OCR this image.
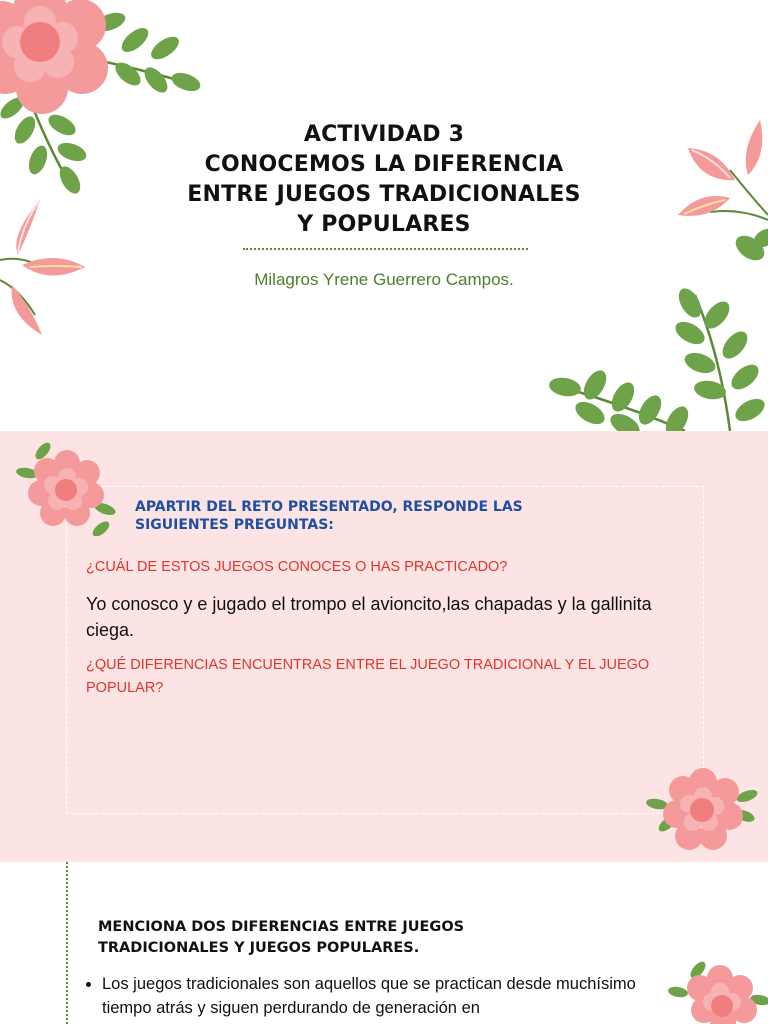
ACTIVIDAD 3
CONOCEMOS LA DIFERENCIA
ENTRE JUEGOS TRADICIONALES
Y POPULARES
Milagros Yrene Guerrero Campos.
APARTIR DEL RETO PRESENTADO, RESPONDE LAS
SIGUIENTES PREGUNTAS:
¿CUÁL DE ESTOS JUEGOS CONOCES O HAS PRACTICADO?
Yo conosco y e jugado el trompo el avioncito,las chapadas y la gallinita ciega.
¿QUÉ DIFERENCIAS ENCUENTRAS ENTRE EL JUEGO TRADICIONAL Y EL JUEGO POPULAR?
MENCIONA DOS DIFERENCIAS ENTRE JUEGOS
TRADICIONALES Y JUEGOS POPULARES.
• Los juegos tradicionales son aquellos que se practican desde muchísimo tiempo atrás y siguen perdurando de generación en
